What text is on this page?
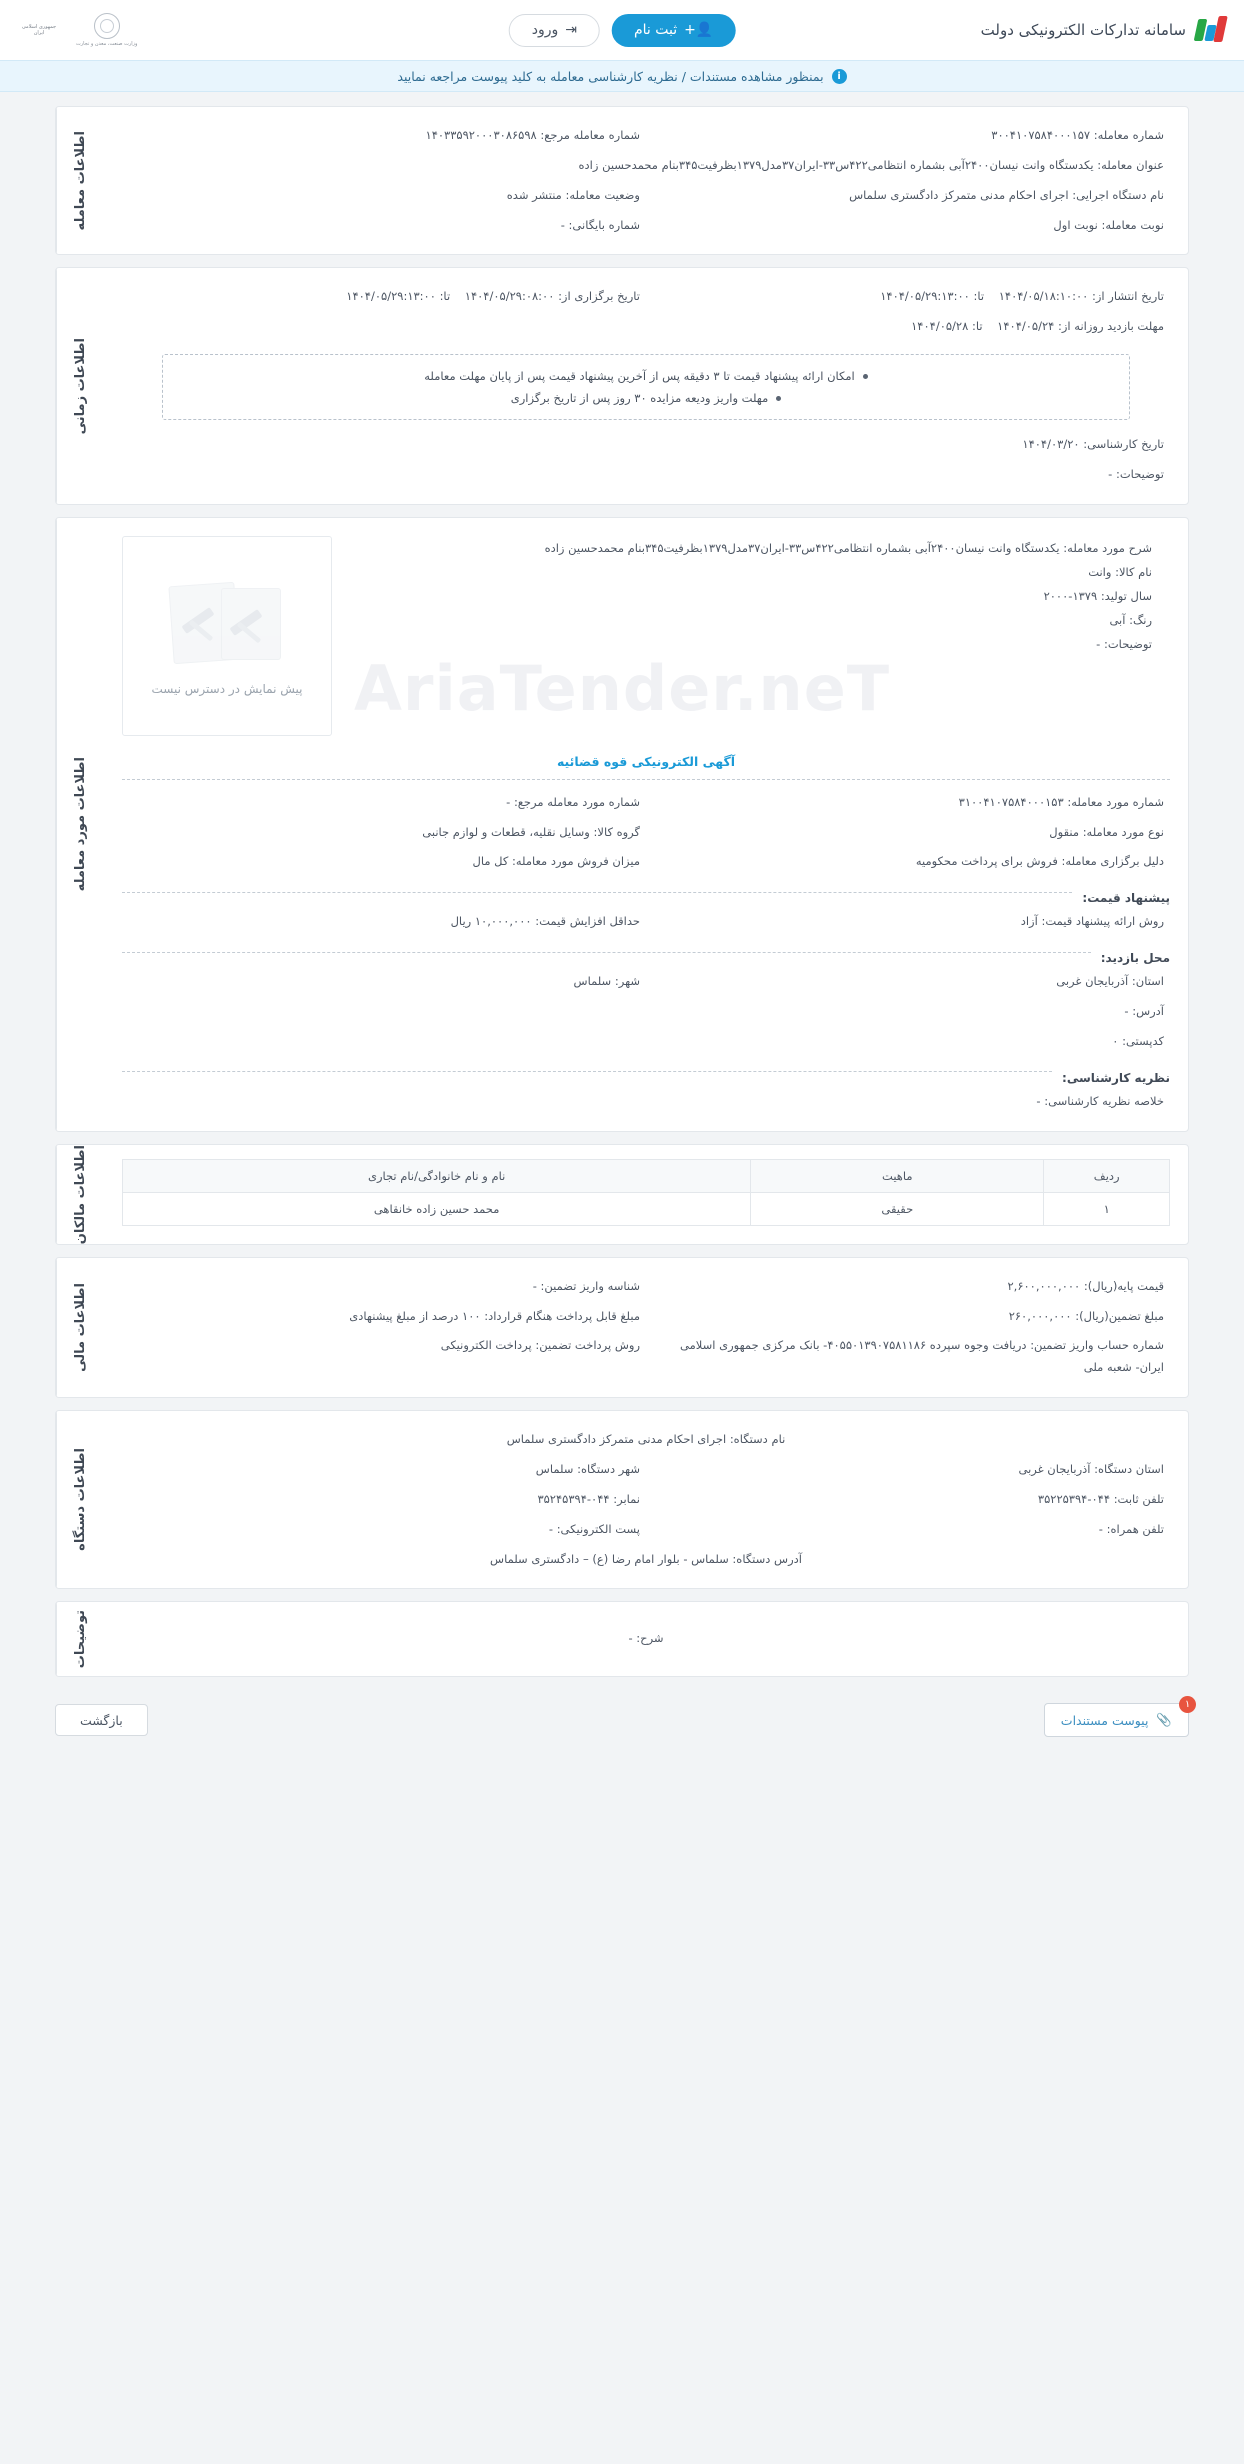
سامانه تدارکات الکترونیکی دولت
👤+
ثبت نام
⇥
ورود
وزارت صنعت، معدن و تجارت
جمهوری اسلامی ایران
i
بمنظور مشاهده مستندات / نظریه کارشناسی معامله به کلید پیوست مراجعه نمایید
شماره معامله: ۳۰۰۴۱۰۷۵۸۴۰۰۰۱۵۷
شماره معامله مرجع: ۱۴۰۳۳۵۹۲۰۰۰۳۰۸۶۵۹۸
عنوان معامله: یکدستگاه وانت نیسان۲۴۰۰آبی بشماره انتظامی۴۲۲س۳۳-ایران۳۷مدل۱۳۷۹بظرفیت۳۴۵بنام محمدحسین زاده
نام دستگاه اجرایی: اجرای احکام مدنی متمرکز دادگستری سلماس
وضعیت معامله: منتشر شده
نوبت معامله: نوبت اول
شماره بایگانی: -
اطلاعات معامله
تاریخ انتشار از: ۱۴۰۴/۰۵/۱۸:۱۰:۰۰    تا: ۱۴۰۴/۰۵/۲۹:۱۳:۰۰
تاریخ برگزاری از: ۱۴۰۴/۰۵/۲۹:۰۸:۰۰    تا: ۱۴۰۴/۰۵/۲۹:۱۳:۰۰
مهلت بازدید روزانه از: ۱۴۰۴/۰۵/۲۴    تا: ۱۴۰۴/۰۵/۲۸
امکان ارائه پیشنهاد قیمت تا ۳ دقیقه پس از آخرین پیشنهاد قیمت پس از پایان مهلت معامله
مهلت واریز ودیعه مزایده ۳۰ روز پس از تاریخ برگزاری
تاریخ کارشناسی: ۱۴۰۴/۰۳/۲۰
توضیحات: -
اطلاعات زمانی
شرح مورد معامله: یکدستگاه وانت نیسان۲۴۰۰آبی بشماره انتظامی۴۲۲س۳۳-ایران۳۷مدل۱۳۷۹بظرفیت۳۴۵بنام محمدحسین زاده
نام کالا: وانت
سال تولید: ۱۳۷۹-۲۰۰۰
رنگ: آبی
توضیحات: -
پیش نمایش در دسترس نیست
آگهی الکترونیکی قوه قضائیه
شماره مورد معامله: ۳۱۰۰۴۱۰۷۵۸۴۰۰۰۱۵۳
شماره مورد معامله مرجع: -
نوع مورد معامله: منقول
گروه کالا: وسایل نقلیه، قطعات و لوازم جانبی
دلیل برگزاری معامله: فروش برای پرداخت محکومیه
میزان فروش مورد معامله: کل مال
پیشنهاد قیمت:
روش ارائه پیشنهاد قیمت: آزاد
حداقل افزایش قیمت: ۱۰,۰۰۰,۰۰۰ ریال
محل بازدید:
استان: آذربایجان غربی
شهر: سلماس
آدرس: -
کدپستی: ۰
نظریه کارشناسی:
خلاصه نظریه کارشناسی: -
اطلاعات مورد معامله
ردیف	ماهیت	نام و نام خانوادگی/نام تجاری
۱	حقیقی	محمد حسین زاده خانقاهی
اطلاعات مالکان
قیمت پایه(ریال): ۲,۶۰۰,۰۰۰,۰۰۰
شناسه واریز تضمین: -
مبلغ تضمین(ریال): ۲۶۰,۰۰۰,۰۰۰
مبلغ قابل پرداخت هنگام قرارداد: ۱۰۰ درصد از مبلغ پیشنهادی
شماره حساب واریز تضمین: دریافت وجوه سپرده ۴۰۵۵۰۱۳۹۰۷۵۸۱۱۸۶- بانک مرکزی جمهوری اسلامی ایران- شعبه ملی
روش پرداخت تضمین: پرداخت الکترونیکی
اطلاعات مالی
نام دستگاه: اجرای احکام مدنی متمرکز دادگستری سلماس
استان دستگاه: آذربایجان غربی
شهر دستگاه: سلماس
تلفن ثابت: ۰۴۴-۳۵۲۲۵۳۹۴
نمابر: ۰۴۴-۳۵۲۴۵۳۹۴
تلفن همراه: -
پست الکترونیکی: -
آدرس دستگاه: سلماس - بلوار امام رضا (ع) – دادگستری سلماس
اطلاعات دستگاه
شرح: -
توضیحات
۱
📎
پیوست مستندات
بازگشت
